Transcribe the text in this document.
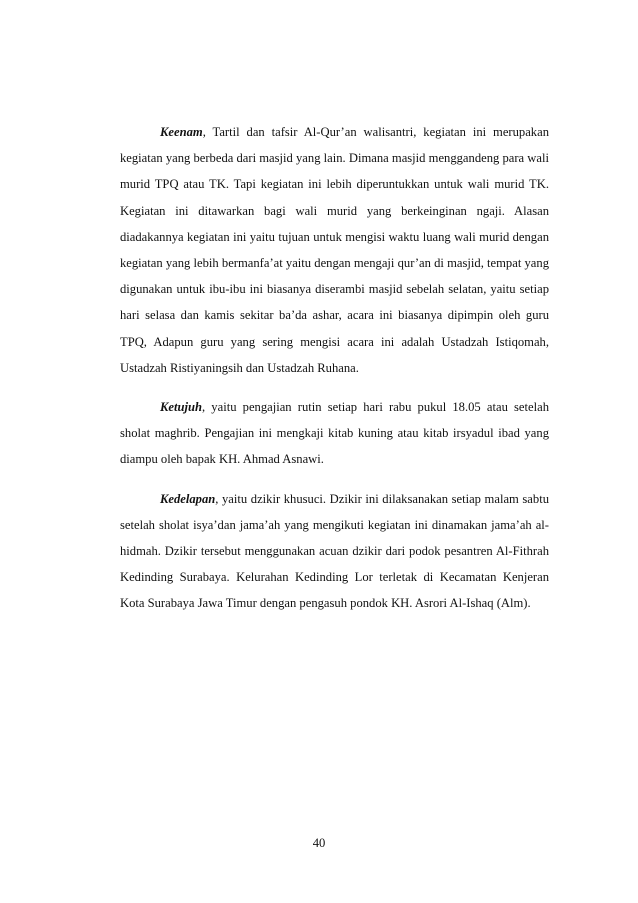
Keenam, Tartil dan tafsir Al-Qur’an walisantri, kegiatan ini merupakan kegiatan yang berbeda dari masjid yang lain. Dimana masjid menggandeng para wali murid TPQ atau TK. Tapi kegiatan ini lebih diperuntukkan untuk wali murid TK. Kegiatan ini ditawarkan bagi wali murid yang berkeinginan ngaji. Alasan diadakannya kegiatan ini yaitu tujuan untuk mengisi waktu luang wali murid dengan kegiatan yang lebih bermanfa’at yaitu dengan mengaji qur’an di masjid, tempat yang digunakan untuk ibu-ibu ini biasanya diserambi masjid sebelah selatan, yaitu setiap hari selasa dan kamis sekitar ba’da ashar, acara ini biasanya dipimpin oleh guru TPQ, Adapun guru yang sering mengisi acara ini adalah Ustadzah Istiqomah, Ustadzah Ristiyaningsih dan Ustadzah Ruhana.

Ketujuh, yaitu pengajian rutin setiap hari rabu pukul 18.05 atau setelah sholat maghrib. Pengajian ini mengkaji kitab kuning atau kitab irsyadul ibad yang diampu oleh bapak KH. Ahmad Asnawi.

Kedelapan, yaitu dzikir khusuci. Dzikir ini dilaksanakan setiap malam sabtu setelah sholat isya’dan jama’ah yang mengikuti kegiatan ini dinamakan jama’ah al-hidmah. Dzikir tersebut menggunakan acuan dzikir dari podok pesantren Al-Fithrah Kedinding Surabaya. Kelurahan Kedinding Lor terletak di Kecamatan Kenjeran Kota Surabaya Jawa Timur dengan pengasuh pondok KH. Asrori Al-Ishaq (Alm).

40
